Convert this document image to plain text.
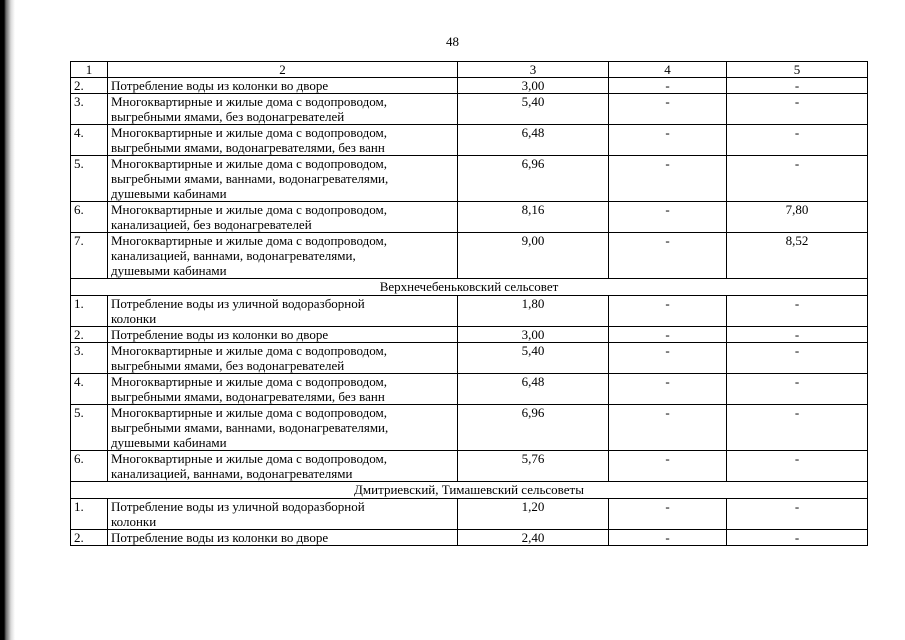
48
1	2	3	4	5
2.	Потребление воды из колонки во дворе	3,00	-	-
3.	Многоквартирные и жилые дома с водопроводом,
выгребными ямами, без водонагревателей	5,40	-	-
4.	Многоквартирные и жилые дома с водопроводом,
выгребными ямами, водонагревателями, без ванн	6,48	-	-
5.	Многоквартирные и жилые дома с водопроводом,
выгребными ямами, ваннами, водонагревателями,
душевыми кабинами	6,96	-	-
6.	Многоквартирные и жилые дома с водопроводом,
канализацией, без водонагревателей	8,16	-	7,80
7.	Многоквартирные и жилые дома с водопроводом,
канализацией, ваннами, водонагревателями,
душевыми кабинами	9,00	-	8,52
Верхнечебеньковский сельсовет				
1.	Потребление воды из уличной водоразборной
колонки	1,80	-	-
2.	Потребление воды из колонки во дворе	3,00	-	-
3.	Многоквартирные и жилые дома с водопроводом,
выгребными ямами, без водонагревателей	5,40	-	-
4.	Многоквартирные и жилые дома с водопроводом,
выгребными ямами, водонагревателями, без ванн	6,48	-	-
5.	Многоквартирные и жилые дома с водопроводом,
выгребными ямами, ваннами, водонагревателями,
душевыми кабинами	6,96	-	-
6.	Многоквартирные и жилые дома с водопроводом,
канализацией, ваннами, водонагревателями	5,76	-	-
Дмитриевский, Тимашевский сельсоветы				
1.	Потребление воды из уличной водоразборной
колонки	1,20	-	-
2.	Потребление воды из колонки во дворе	2,40	-	-
